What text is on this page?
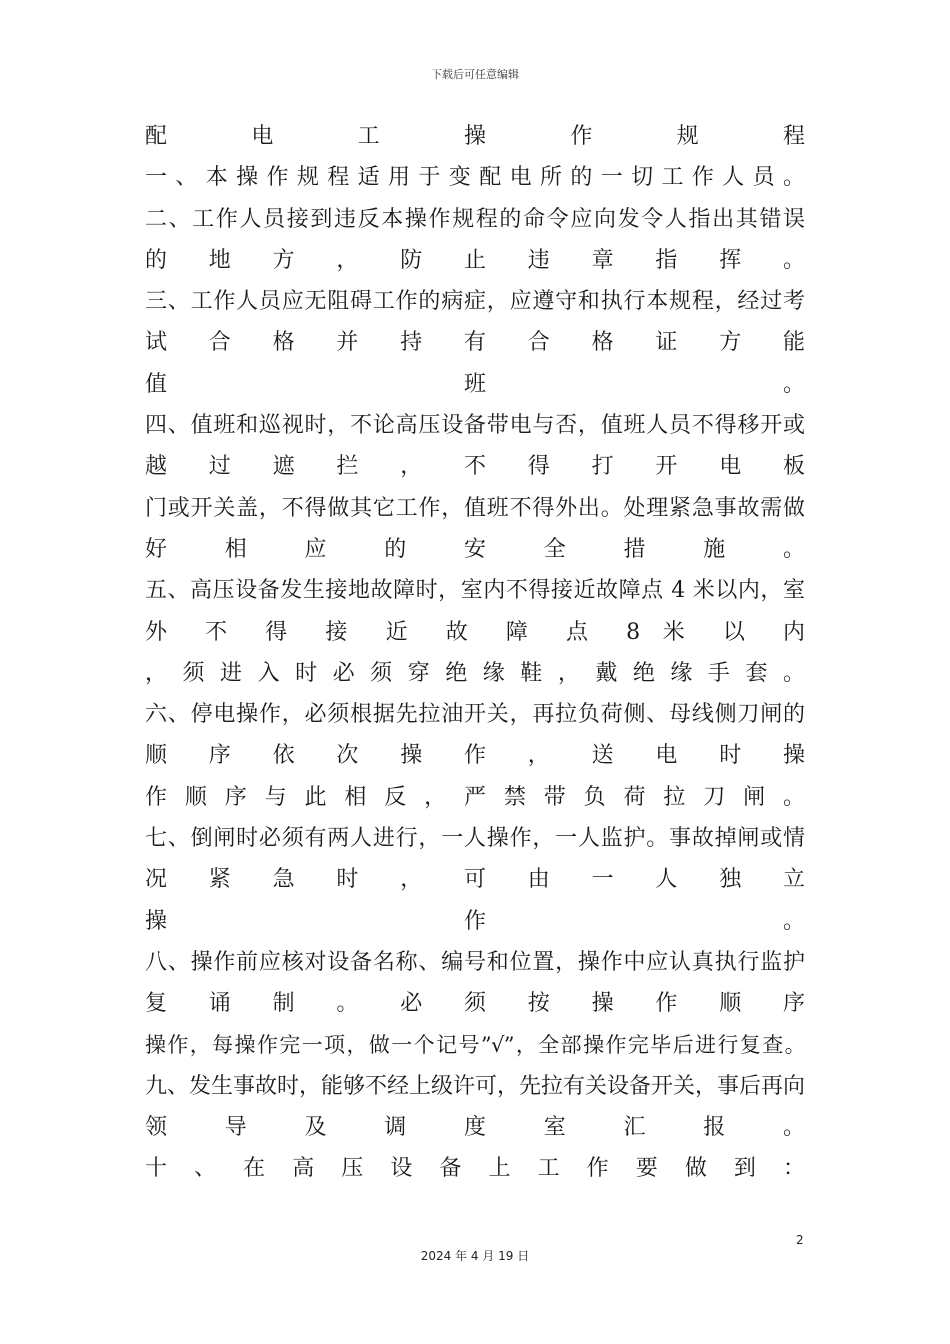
下载后可任意编辑
配 电 工 操 作 规 程
一 、 本 操 作 规 程 适 用 于 变 配 电 所 的 一 切 工 作 人 员 。
二、工作人员接到违反本操作规程的命令应向发令人指出其错误
的 地 方 ， 防 止 违 章 指 挥 。
三、工作人员应无阻碍工作的病症，应遵守和执行本规程，经过考
试 合 格 并 持 有 合 格 证 方 能
值 班 。
四、值班和巡视时，不论高压设备带电与否，值班人员不得移开或
越 过 遮 拦 ， 不 得 打 开 电 板
门或开关盖，不得做其它工作，值班不得外出。处理紧急事故需做
好 相 应 的 安 全 措 施 。
五、高压设备发生接地故障时，室内不得接近故障点 4 米以内，室
外 不 得 接 近 故 障 点 8 米 以 内
， 须 进 入 时 必 须 穿 绝 缘 鞋 ， 戴 绝 缘 手 套 。
六、停电操作，必须根据先拉油开关，再拉负荷侧、母线侧刀闸的
顺 序 依 次 操 作 ， 送 电 时 操
作 顺 序 与 此 相 反 ， 严 禁 带 负 荷 拉 刀 闸 。
七、倒闸时必须有两人进行，一人操作，一人监护。事故掉闸或情
况 紧 急 时 ， 可 由 一 人 独 立
操 作 。
八、操作前应核对设备名称、编号和位置，操作中应认真执行监护
复 诵 制 。 必 须 按 操 作 顺 序
操作，每操作完一项，做一个记号”√”，全部操作完毕后进行复查。
九、发生事故时，能够不经上级许可，先拉有关设备开关，事后再向
领 导 及 调 度 室 汇 报 。
十 、 在 高 压 设 备 上 工 作 要 做 到 ：
2
2024 年 4 月 19 日
